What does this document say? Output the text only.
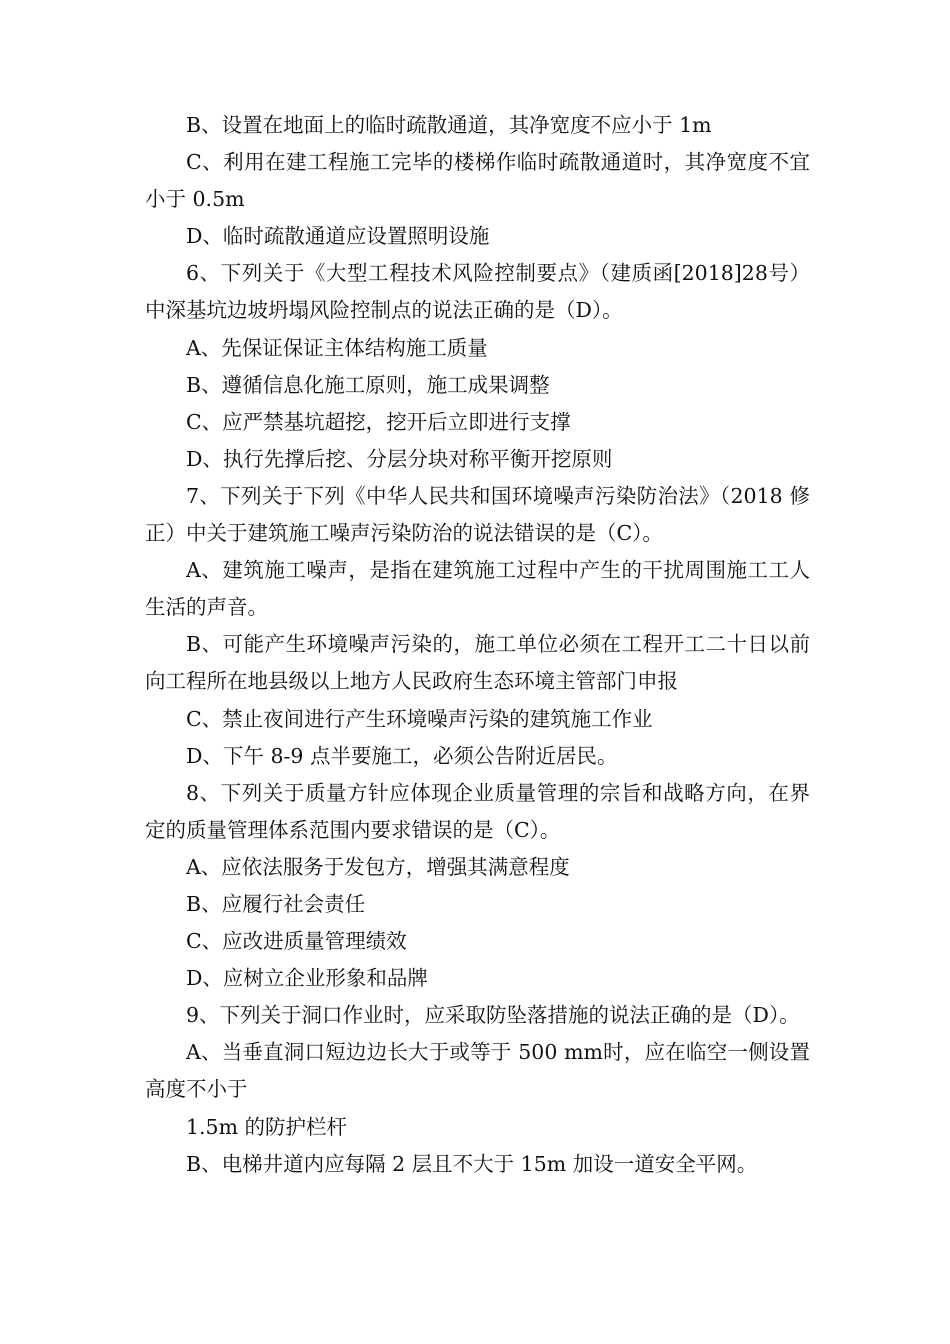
B、设置在地面上的临时疏散通道，其净宽度不应小于 1m

C、利用在建工程施工完毕的楼梯作临时疏散通道时，其净宽度不宜小于 0.5m

D、临时疏散通道应设置照明设施

6、下列关于《大型工程技术风险控制要点》（建质函[2018]28号）中深基坑边坡坍塌风险控制点的说法正确的是（D）。

A、先保证保证主体结构施工质量

B、遵循信息化施工原则，施工成果调整

C、应严禁基坑超挖，挖开后立即进行支撑

D、执行先撑后挖、分层分块对称平衡开挖原则

7、下列关于下列《中华人民共和国环境噪声污染防治法》（2018 修正）中关于建筑施工噪声污染防治的说法错误的是（C）。

A、建筑施工噪声，是指在建筑施工过程中产生的干扰周围施工工人生活的声音。

B、可能产生环境噪声污染的，施工单位必须在工程开工二十日以前向工程所在地县级以上地方人民政府生态环境主管部门申报

C、禁止夜间进行产生环境噪声污染的建筑施工作业

D、下午 8-9 点半要施工，必须公告附近居民。

8、下列关于质量方针应体现企业质量管理的宗旨和战略方向，在界定的质量管理体系范围内要求错误的是（C）。

A、应依法服务于发包方，增强其满意程度

B、应履行社会责任

C、应改进质量管理绩效

D、应树立企业形象和品牌

9、下列关于洞口作业时，应采取防坠落措施的说法正确的是（D）。

A、当垂直洞口短边边长大于或等于 500 mm时，应在临空一侧设置高度不小于

1.5m 的防护栏杆

B、电梯井道内应每隔 2 层且不大于 15m 加设一道安全平网。
